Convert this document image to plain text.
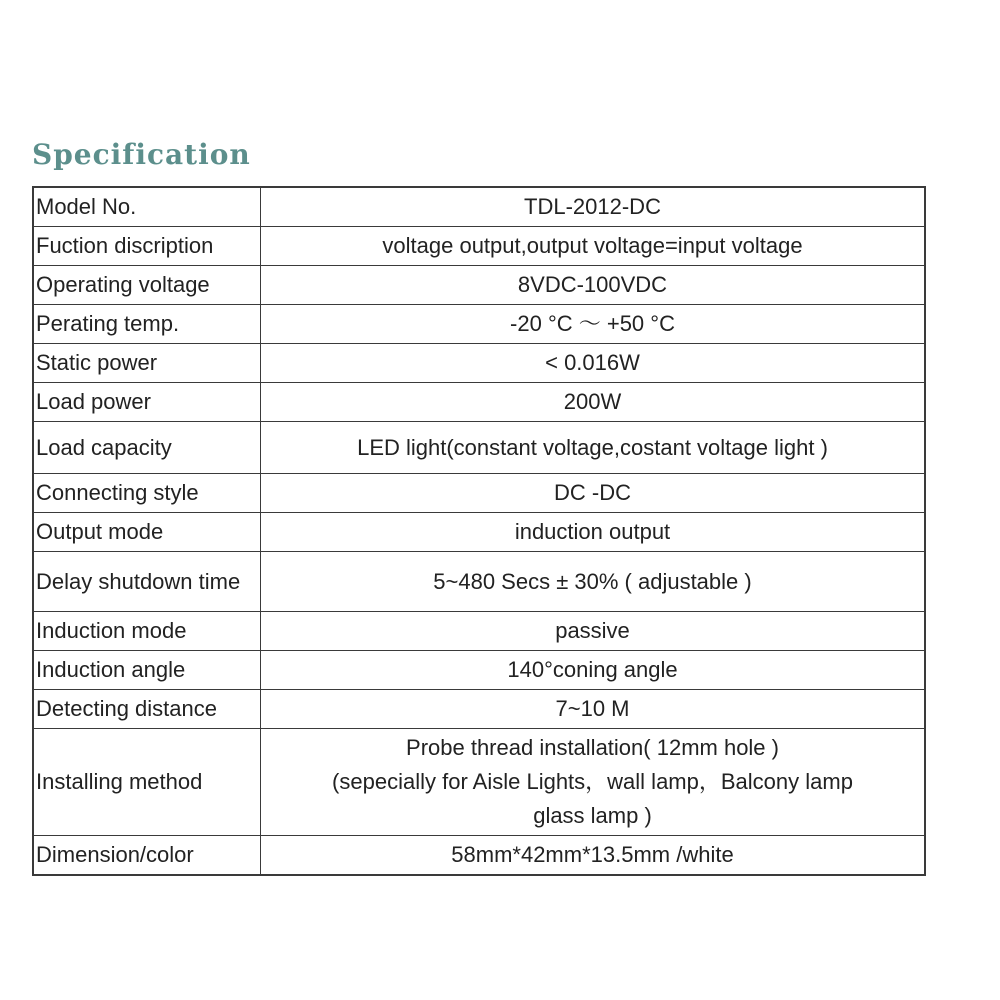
Specification
Model No.	TDL-2012-DC

Fuction discription	voltage output,output voltage=input voltage

Operating voltage	8VDC-100VDC

Perating temp.	-20 °C ～ +50 °C

Static power	< 0.016W

Load power	200W

Load capacity	LED light(constant voltage,costant voltage light )

Connecting style	DC -DC

Output mode	induction output

Delay shutdown time	5~480 Secs ± 30% ( adjustable )

Induction mode	passive

Induction angle	140°coning angle

Detecting distance	7~10 M

Installing method	Probe thread installation( 12mm hole )
(sepecially for Aisle Lights，wall lamp，Balcony lamp
glass lamp )

Dimension/color	58mm*42mm*13.5mm /white
